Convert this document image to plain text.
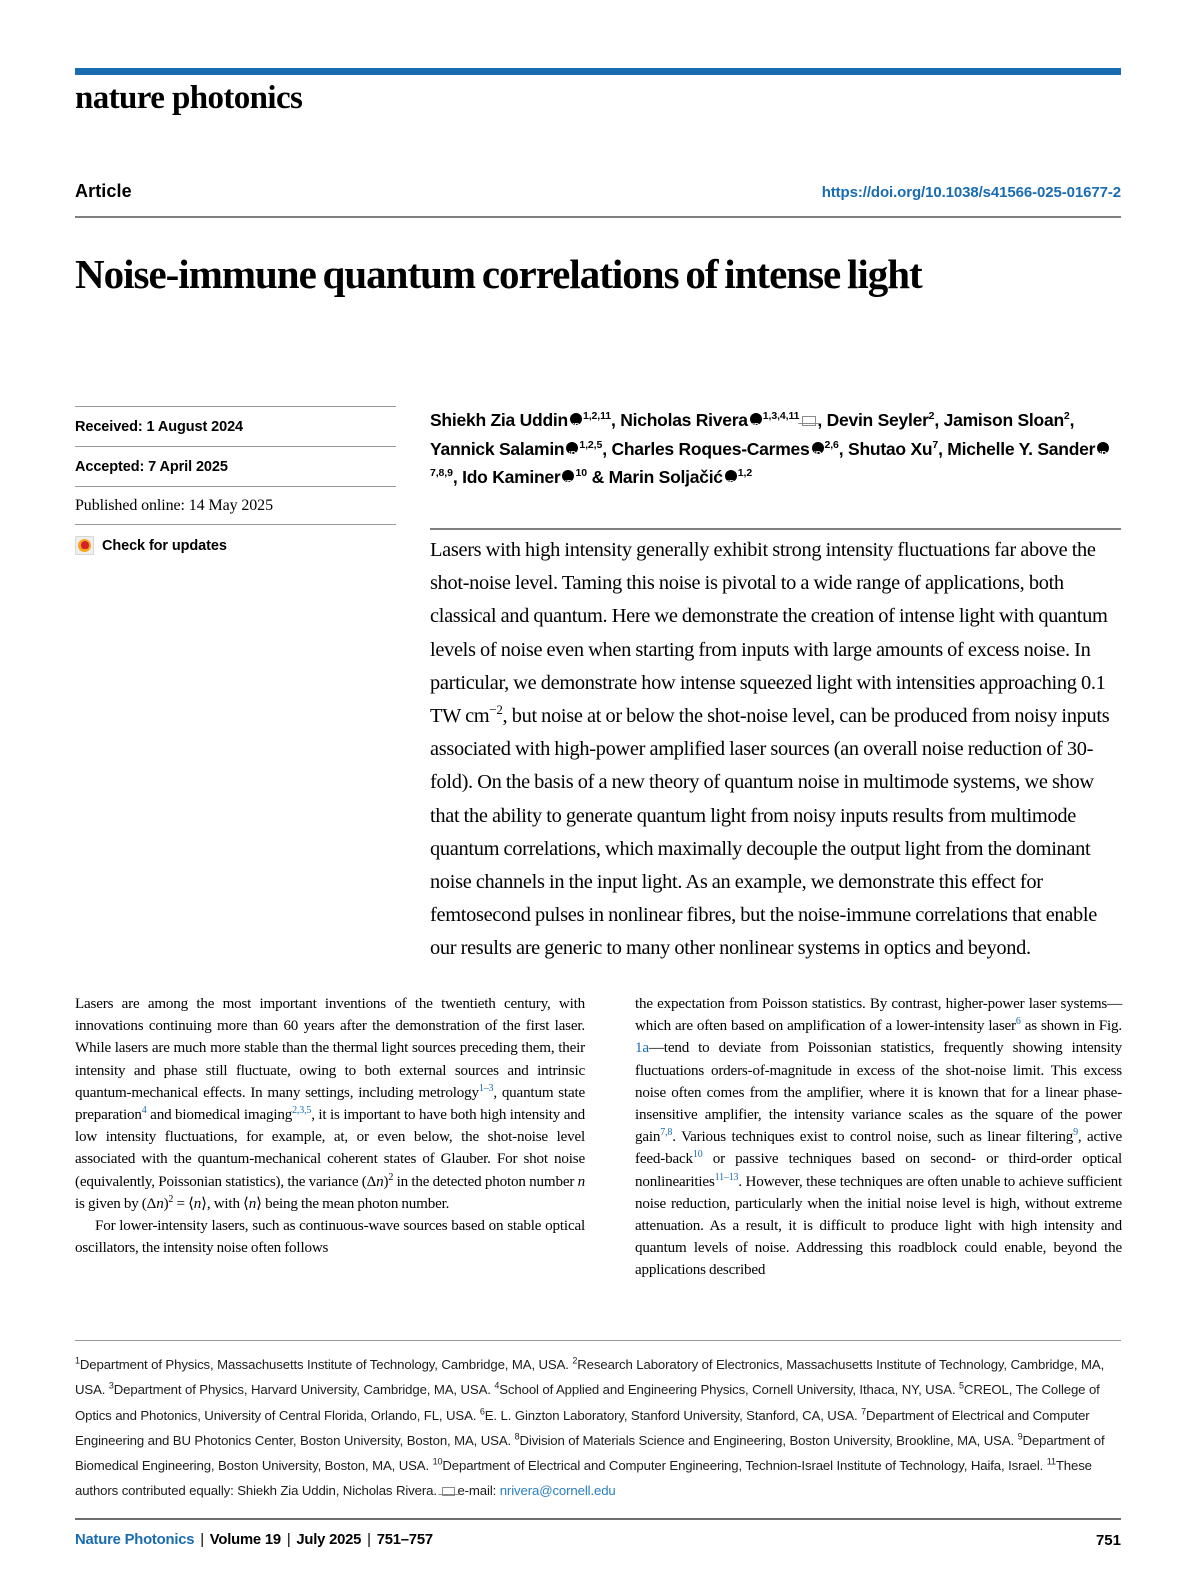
nature photonics
Article	https://doi.org/10.1038/s41566-025-01677-2
Noise-immune quantum correlations of intense light
Received: 1 August 2024
Accepted: 7 April 2025
Published online: 14 May 2025
Check for updates
Shiekh Zia Uddin iD $^{1,2,11}$, Nicholas Rivera iD $^{1,3,4,11}$ , Devin Seyler$^2$, Jamison Sloan$^2$, Yannick Salamin iD $^{1,2,5}$, Charles Roques-Carmes iD $^{2,6}$, Shutao Xu$^7$, Michelle Y. SanderiD$^{7,8,9}$, Ido Kaminer iD $^{10}$ & Marin Soljačić iD $^{1,2}$
Lasers with high intensity generally exhibit strong intensity fluctuations far above the shot-noise level. Taming this noise is pivotal to a wide range of applications, both classical and quantum. Here we demonstrate the creation of intense light with quantum levels of noise even when starting from inputs with large amounts of excess noise. In particular, we demonstrate how intense squeezed light with intensities approaching 0.1 TW $cm^{-2}$, but noise at or below the shot-noise level, can be produced from noisy inputs associated with high-power amplified laser sources (an overall noise reduction of 30-fold). On the basis of a new theory of quantum noise in multimode systems, we show that the ability to generate quantum light from noisy inputs results from multimode quantum correlations, which maximally decouple the output light from the dominant noise channels in the input light. As an example, we demonstrate this effect for femtosecond pulses in nonlinear fibres, but the noise-immune correlations that enable our results are generic to many other nonlinear systems in optics and beyond.

Lasers are among the most important inventions of the twentieth century, with innovations continuing more than 60 years after the demonstration of the first laser. While lasers are much more stable than the thermal light sources preceding them, their intensity and phase still fluctuate, owing to both external sources and intrinsic quantum-mechanical effects. In many settings, including metrology$^{1-3}$, quantum state preparation$^4$ and biomedical imaging$^{2,3,5}$, it is important to have both high intensity and low intensity fluctuations, for example, at, or even below, the shot-noise level associated with the quantum-mechanical coherent states of Glauber. For shot noise (equivalently, Poissonian statistics), the variance $(\Delta n)^2$ in the detected photon number n is given by $(\Delta n)^2$ = ⟨n⟩, with ⟨n⟩ being the mean photon number.

For lower-intensity lasers, such as continuous-wave sources based on stable optical oscillators, the intensity noise often follows

the expectation from Poisson statistics. By contrast, higher-power laser systems—which are often based on amplification of a lower-intensity laser$^6$ as shown in Fig. 1a—tend to deviate from Poissonian statistics, frequently showing intensity fluctuations orders-of-magnitude in excess of the shot-noise limit. This excess noise often comes from the amplifier, where it is known that for a linear phase-insensitive amplifier, the intensity variance scales as the square of the power gain$^{7,8}$. Various techniques exist to control noise, such as linear filtering$^9$, active feed-back$^{10}$ or passive techniques based on second- or third-order optical nonlinearities$^{11-13}$. However, these techniques are often unable to achieve sufficient noise reduction, particularly when the initial noise level is high, without extreme attenuation. As a result, it is difficult to produce light with high intensity and quantum levels of noise. Addressing this roadblock could enable, beyond the applications described

$^1$Department of Physics, Massachusetts Institute of Technology, Cambridge, MA, USA. $^2$Research Laboratory of Electronics, Massachusetts Institute of Technology, Cambridge, MA, USA. $^3$Department of Physics, Harvard University, Cambridge, MA, USA. $^4$School of Applied and Engineering Physics, Cornell University, Ithaca, NY, USA. $^5$CREOL, The College of Optics and Photonics, University of Central Florida, Orlando, FL, USA. $^6$E. L. Ginzton Laboratory, Stanford University, Stanford, CA, USA. $^7$Department of Electrical and Computer Engineering and BU Photonics Center, Boston University, Boston, MA, USA. $^8$Division of Materials Science and Engineering, Boston University, Brookline, MA, USA. $^9$Department of Biomedical Engineering, Boston University, Boston, MA, USA. $^{10}$Department of Electrical and Computer Engineering, Technion-Israel Institute of Technology, Haifa, Israel. $^{11}$These authors contributed equally: Shiekh Zia Uddin, Nicholas Rivera. e-mail: nrivera@cornell.edu
Nature Photonics | Volume 19 | July 2025 | 751–757	751
